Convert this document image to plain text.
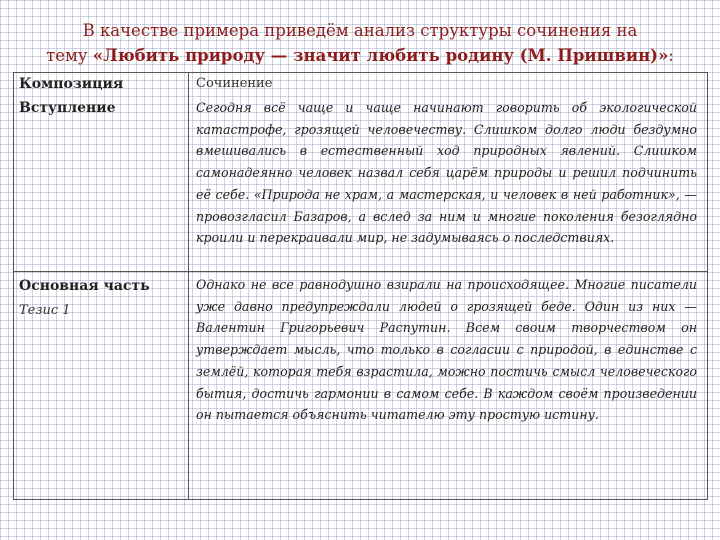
В качестве примера приведём анализ структуры сочинения на
тему «Любить природу — значит любить родину (М. Пришвин)»:
Композиция	Сочинение
Вступление	Сегодня всё чаще и чаще начинают говорить об экологической катастрофе, грозящей человечеству. Слишком долго люди бездумно вмешивались в естественный ход природных явлений. Слишком самонадеянно человек назвал себя царём природы и решил подчинить её себе. «Природа не храм, а мастерская, и человек в ней работник», — провозгласил Базаров, а вслед за ним и многие поколения безоглядно кроили и перекраивали мир, не задумываясь о последствиях.
Основная часть
Тезис 1
Однако не все равнодушно взирали на происходящее. Многие писатели уже давно предупреждали людей о грозящей беде. Один из них — Валентин Григорьевич Распутин. Всем своим творчеством он утверждает мысль, что только в согласии с природой, в единстве с землёй, которая тебя взрастила, можно постичь смысл человеческого бытия, достичь гармонии в самом себе. В каждом своём произведении он пытается объяснить читателю эту простую истину.
